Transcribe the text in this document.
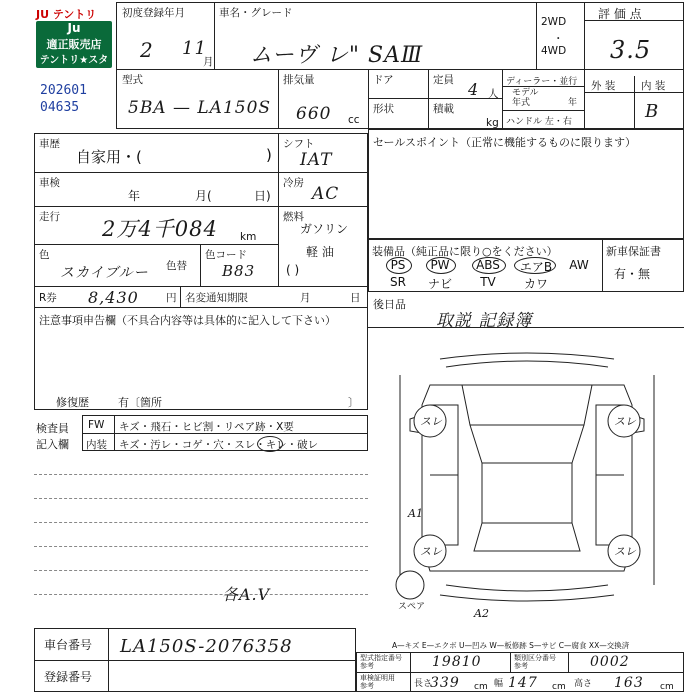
JU テントリ
Ju
適正販売店
テントリ★スター
202601
04635
初度登録年月
2 11
月
車名・グレード
ムーヴ レ" SAⅢ
2WD
・
4WD
評 価 点
3.5
型式
5BA — LA150S
排気量
660 cc
ドア
形状
定員 4 人
積載
kg
ディーラー・並行
モデル
年式	年
ハンドル 左・右
外 装 内 装
B
車歴
自家用・(	)
シフト
IAT
車検
年	月(	日)
冷房
AC
走行 2万4千084 km
燃料
ガソリン
軽 油
( )
色
スカイブルー 色替
色コード
B83
セールスポイント（正常に機能するものに限ります）
装備品（純正品に限り○をください）	新車保証書
有・無
PS	PW	ABS	エアB	AW
SR	ナビ	TV	カワ
後日品
取説 記録簿
R券 8,430	円 名変通知期限	月	日
注意事項申告欄（不具合内容等は具体的に記入して下さい）
修復歴	有〔箇所	〕
検査員
記入欄
FW キズ・飛石・ヒビ割・リペア跡・X要
内装 キズ・汚レ・コゲ・穴・スレ・キレ・破レ
各A.V
スレ	スレ
スレ	スレ
A1
A2
スペア
A—キズ E—エクボ U—凹み W—板修跡 S—サビ C—腐食 XX—交換済
車台番号 LA150S-2076358
登録番号
型式指定番号
参考	19810	類別区分番号
参考	0002
車検証明用
参考	長さ
339 cm 幅 147 cm 高さ 163 cm
